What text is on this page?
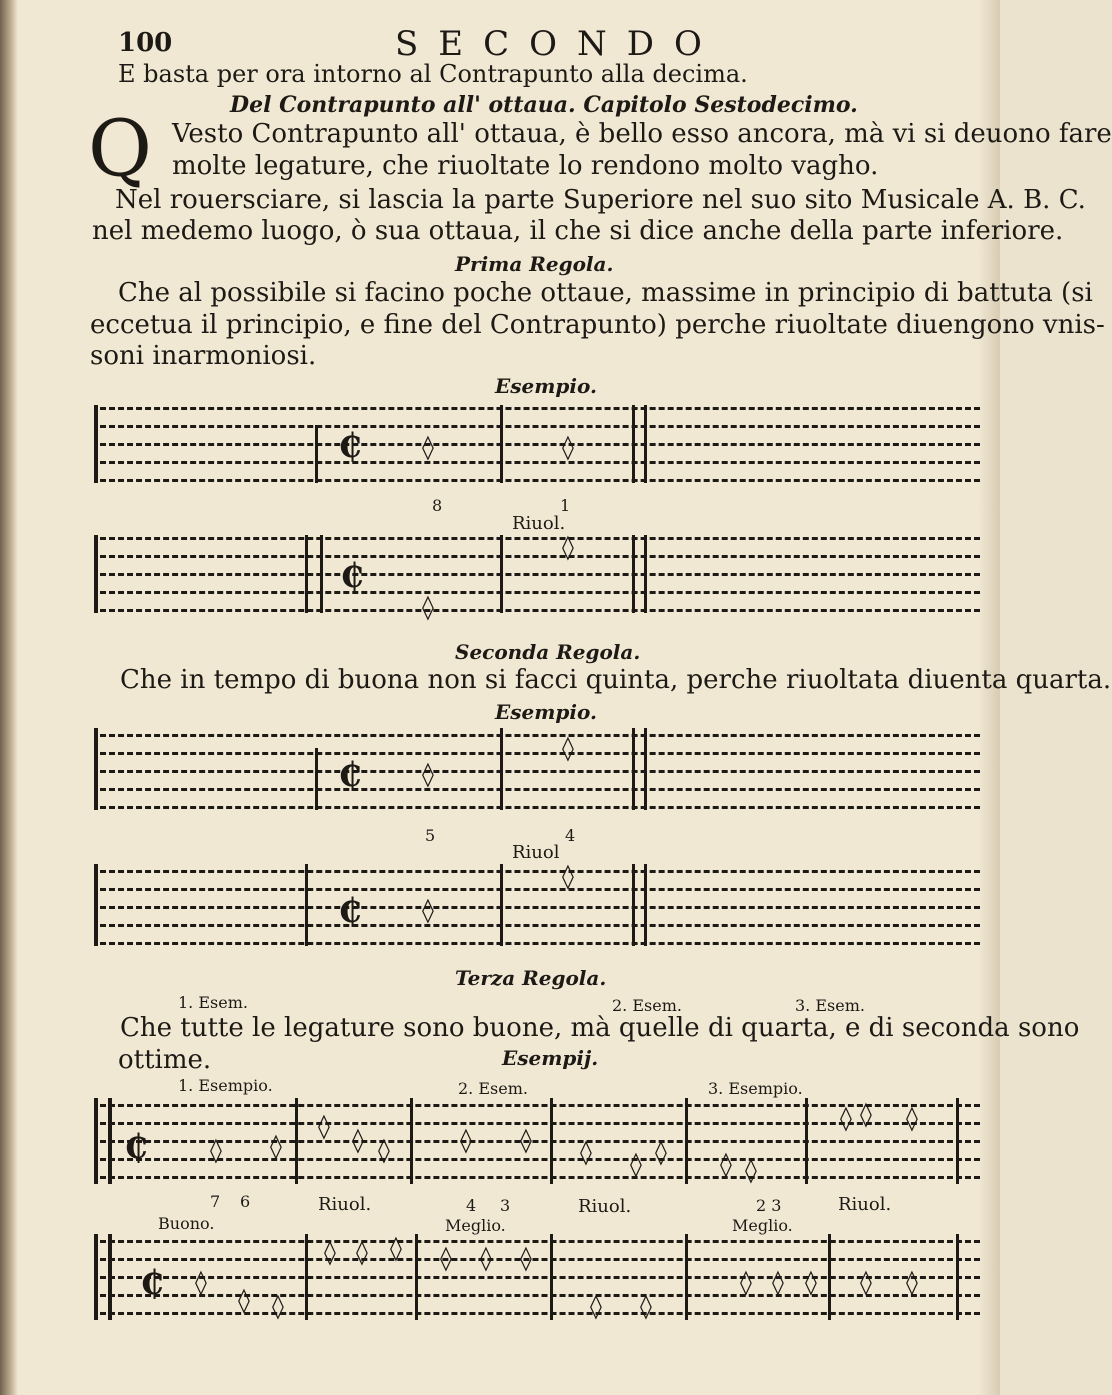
100	SECONDO
E basta per ora intorno al Contrapunto alla decima.
Del Contrapunto all' ottaua. Capitolo Sestodecimo.
Q Vesto Contrapunto all' ottaua, è bello esso ancora, mà vi si deuono fare
molte legature, che riuoltate lo rendono molto vagho.
Nel rouersciare, si lascia la parte Superiore nel suo sito Musicale A. B. C.
nel medemo luogo, ò sua ottaua, il che si dice anche della parte inferiore.
Prima Regola.
Che al possibile si facino poche ottaue, massime in principio di battuta (si
eccetua il principio, e fine del Contrapunto) perche riuoltate diuengono vnis-
soni inarmoniosi.
Esempio.
₵	◊	◊
8	1
Riuol.
₵
◊
◊
Seconda Regola.
Che in tempo di buona non si facci quinta, perche riuoltata diuenta quarta.
Esempio.
₵	◊
◊
5	4
Riuol
₵	◊
◊
Terza Regola.
1. Esem.	2. Esem.	3. Esem.
Che tutte le legature sono buone, mà quelle di quarta, e di seconda sono
ottime.	Esempij.
1. Esempio.	2. Esem.	3. Esempio.
₵	◊ ◊
◊ ◊ ◊	◊ ◊ ◊ ◊ ◊ ◊ ◊
◊ ◊ ◊
7 6	Riuol.	4 3	Riuol.	2 3	Riuol.
Buono.	Meglio.	Meglio.
₵ ◊
◊ ◊
◊ ◊ ◊ ◊ ◊ ◊
◊ ◊
◊ ◊ ◊ ◊ ◊
